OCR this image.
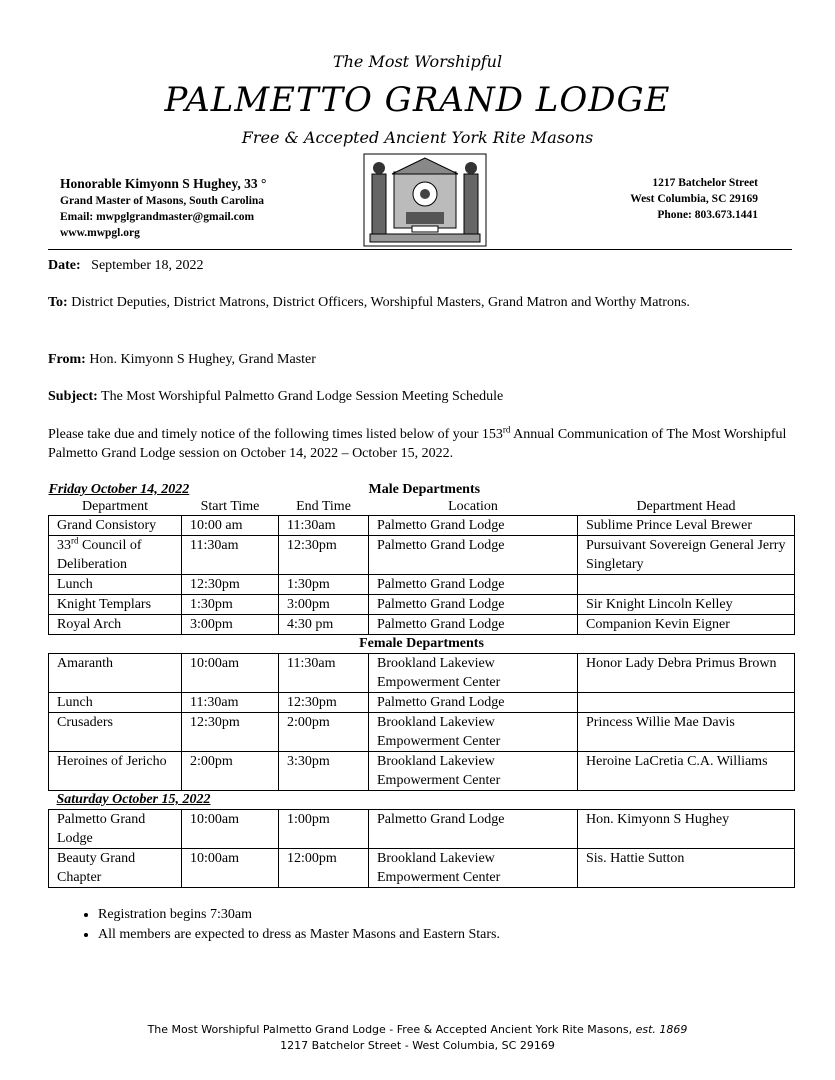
The Most Worshipful
PALMETTO GRAND LODGE
Free & Accepted Ancient York Rite Masons
Honorable Kimyonn S Hughey, 33 °
Grand Master of Masons, South Carolina
Email: mwpglgrandmaster@gmail.com
www.mwpgl.org
1217 Batchelor Street
West Columbia, SC 29169
Phone: 803.673.1441
Date: September 18, 2022
To: District Deputies, District Matrons, District Officers, Worshipful Masters, Grand Matron and Worthy Matrons.
From: Hon. Kimyonn S Hughey, Grand Master
Subject: The Most Worshipful Palmetto Grand Lodge Session Meeting Schedule
Please take due and timely notice of the following times listed below of your 153rd Annual Communication of The Most Worshipful Palmetto Grand Lodge session on October 14, 2022 – October 15, 2022.
Friday October 14, 2022			Male Departments	
Department	Start Time	End Time	Location	Department Head
Grand Consistory	10:00 am	11:30am	Palmetto Grand Lodge	Sublime Prince Leval Brewer
33rd Council of Deliberation	11:30am	12:30pm	Palmetto Grand Lodge	Pursuivant Sovereign General Jerry Singletary
Lunch	12:30pm	1:30pm	Palmetto Grand Lodge	
Knight Templars	1:30pm	3:00pm	Palmetto Grand Lodge	Sir Knight Lincoln Kelley
Royal Arch	3:00pm	4:30 pm	Palmetto Grand Lodge	Companion Kevin Eigner
Female Departments				
Amaranth	10:00am	11:30am	Brookland Lakeview Empowerment Center	Honor Lady Debra Primus Brown
Lunch	11:30am	12:30pm	Palmetto Grand Lodge	
Crusaders	12:30pm	2:00pm	Brookland Lakeview Empowerment Center	Princess Willie Mae Davis
Heroines of Jericho	2:00pm	3:30pm	Brookland Lakeview Empowerment Center	Heroine LaCretia C.A. Williams
Saturday October 15, 2022				
Palmetto Grand Lodge	10:00am	1:00pm	Palmetto Grand Lodge	Hon. Kimyonn S Hughey
Beauty Grand Chapter	10:00am	12:00pm	Brookland Lakeview Empowerment Center	Sis. Hattie Sutton
• Registration begins 7:30am
• All members are expected to dress as Master Masons and Eastern Stars.
The Most Worshipful Palmetto Grand Lodge - Free & Accepted Ancient York Rite Masons, est. 1869
1217 Batchelor Street - West Columbia, SC 29169
